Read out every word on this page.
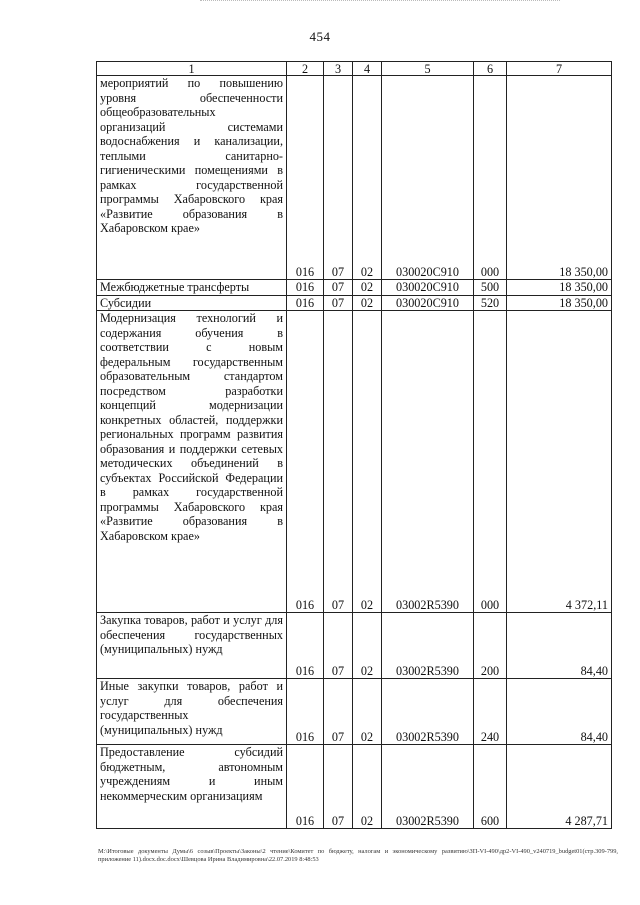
454
1	2	3	4	5	6	7
мероприятий по повышению уровня обеспеченности общеобразовательных организаций системами водоснабжения и канализации, теплыми санитарно-гигиеническими помещениями в рамках государственной программы Хабаровского края «Развитие образования в Хабаровском крае»	016	07	02	030020С910	000	18 350,00
Межбюджетные трансферты	016	07	02	030020С910	500	18 350,00
Субсидии	016	07	02	030020С910	520	18 350,00
Модернизация технологий и содержания обучения в соответствии с новым федеральным государственным образовательным стандартом посредством разработки концепций модернизации конкретных областей, поддержки региональных программ развития образования и поддержки сетевых методических объединений в субъектах Российской Федерации в рамках государственной программы Хабаровского края «Развитие образования в Хабаровском крае»	016	07	02	03002R5390	000	4 372,11
Закупка товаров, работ и услуг для обеспечения государственных (муниципальных) нужд	016	07	02	03002R5390	200	84,40
Иные закупки товаров, работ и услуг для обеспечения государственных (муниципальных) нужд	016	07	02	03002R5390	240	84,40
Предоставление субсидий бюджетным, автономным учреждениям и иным некоммерческим организациям	016	07	02	03002R5390	600	4 287,71
М:\Итоговые документы Думы\6 созыв\Проекты\Законы\2 чтение\Комитет по бюджету, налогам и экономическому развитию\ЗП-VI-490\др2-VI-490_v240719_budget01(стр.309-799, приложение 11).docx.doc.docx\Шевцова Ирина Владимировна\22.07.2019 8:48:53
